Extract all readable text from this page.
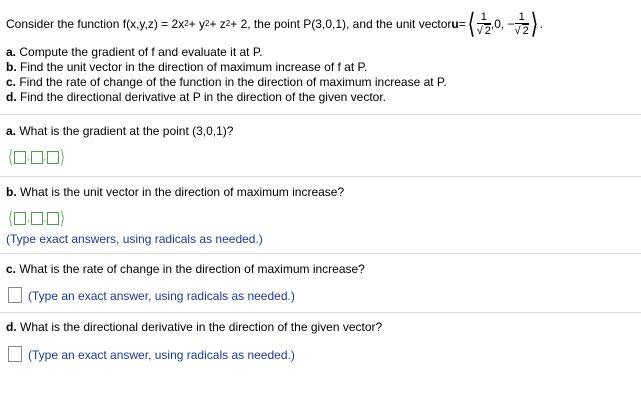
Consider the function f(x,y,z) = 2x 2 + y 2 + z 2 + 2, the point P(3,0,1), and the unit vector u = ⟨ $\frac{1}{√ 2} ,0$, − $\frac{1}{√ 2}$ ⟩ .
a. Compute the gradient of f and evaluate it at P.
b. Find the unit vector in the direction of maximum increase of f at P.
c. Find the rate of change of the function in the direction of maximum increase at P.
d. Find the directional derivative at P in the direction of the given vector.
a. What is the gradient at the point (3,0,1)?
⟨ , , ⟩
b. What is the unit vector in the direction of maximum increase?
⟨ , , ⟩
(Type exact answers, using radicals as needed.)
c. What is the rate of change in the direction of maximum increase?
(Type an exact answer, using radicals as needed.)
d. What is the directional derivative in the direction of the given vector?
(Type an exact answer, using radicals as needed.)
